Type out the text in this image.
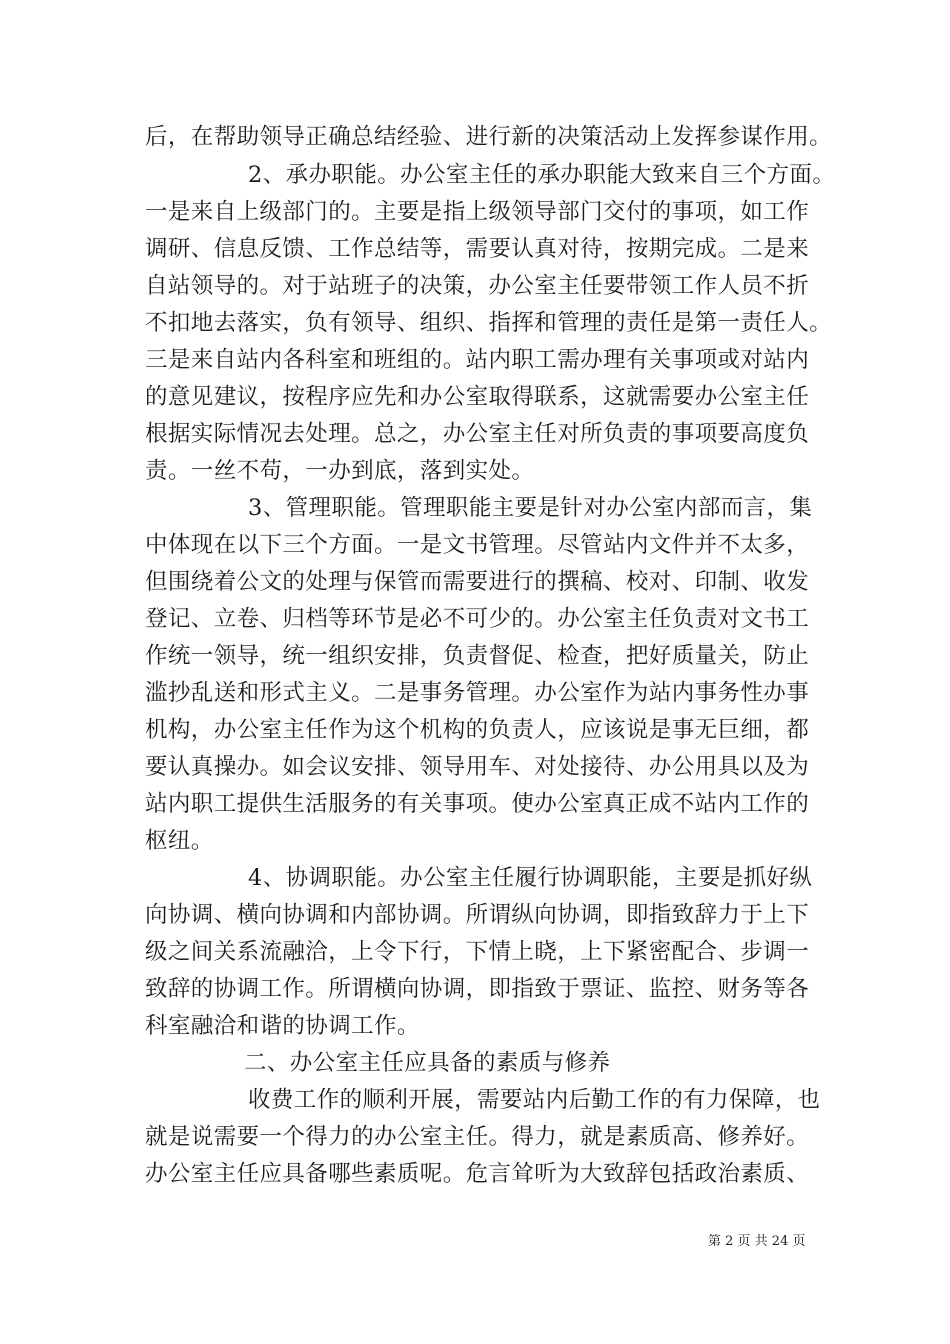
后，在帮助领导正确总结经验、进行新的决策活动上发挥参谋作用。
2、承办职能。办公室主任的承办职能大致来自三个方面。
一是来自上级部门的。主要是指上级领导部门交付的事项，如工作
调研、信息反馈、工作总结等，需要认真对待，按期完成。二是来
自站领导的。对于站班子的决策，办公室主任要带领工作人员不折
不扣地去落实，负有领导、组织、指挥和管理的责任是第一责任人。
三是来自站内各科室和班组的。站内职工需办理有关事项或对站内
的意见建议，按程序应先和办公室取得联系，这就需要办公室主任
根据实际情况去处理。总之，办公室主任对所负责的事项要高度负
责。一丝不苟，一办到底，落到实处。
3、管理职能。管理职能主要是针对办公室内部而言，集
中体现在以下三个方面。一是文书管理。尽管站内文件并不太多，
但围绕着公文的处理与保管而需要进行的撰稿、校对、印制、收发
登记、立卷、归档等环节是必不可少的。办公室主任负责对文书工
作统一领导，统一组织安排，负责督促、检查，把好质量关，防止
滥抄乱送和形式主义。二是事务管理。办公室作为站内事务性办事
机构，办公室主任作为这个机构的负责人，应该说是事无巨细，都
要认真操办。如会议安排、领导用车、对处接待、办公用具以及为
站内职工提供生活服务的有关事项。使办公室真正成不站内工作的
枢纽。
4、协调职能。办公室主任履行协调职能，主要是抓好纵
向协调、横向协调和内部协调。所谓纵向协调，即指致辞力于上下
级之间关系流融洽，上令下行，下情上晓，上下紧密配合、步调一
致辞的协调工作。所谓横向协调，即指致于票证、监控、财务等各
科室融洽和谐的协调工作。
二、办公室主任应具备的素质与修养
收费工作的顺利开展，需要站内后勤工作的有力保障，也
就是说需要一个得力的办公室主任。得力，就是素质高、修养好。
办公室主任应具备哪些素质呢。危言耸听为大致辞包括政治素质、
第 2 页 共 24 页
